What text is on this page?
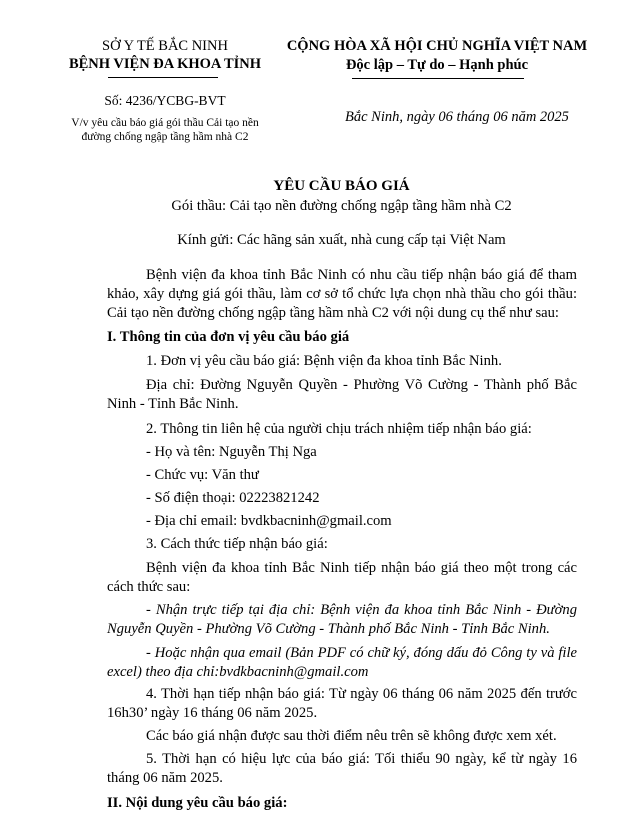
SỞ Y TẾ BẮC NINH
BỆNH VIỆN ĐA KHOA TỈNH
Số: 4236/YCBG-BVT
V/v yêu cầu báo giá gói thầu Cải tạo nền
đường chống ngập tầng hầm nhà C2
CỘNG HÒA XÃ HỘI CHỦ NGHĨA VIỆT NAM
Độc lập – Tự do – Hạnh phúc
Bắc Ninh, ngày 06 tháng 06 năm 2025
YÊU CẦU BÁO GIÁ
Gói thầu: Cải tạo nền đường chống ngập tầng hầm nhà C2
Kính gửi: Các hãng sản xuất, nhà cung cấp tại Việt Nam
Bệnh viện đa khoa tỉnh Bắc Ninh có nhu cầu tiếp nhận báo giá để tham khảo, xây dựng giá gói thầu, làm cơ sở tổ chức lựa chọn nhà thầu cho gói thầu: Cải tạo nền đường chống ngập tầng hầm nhà C2 với nội dung cụ thể như sau:
I. Thông tin của đơn vị yêu cầu báo giá
1. Đơn vị yêu cầu báo giá: Bệnh viện đa khoa tỉnh Bắc Ninh.
Địa chỉ: Đường Nguyễn Quyền - Phường Võ Cường - Thành phố Bắc Ninh - Tỉnh Bắc Ninh.
2. Thông tin liên hệ của người chịu trách nhiệm tiếp nhận báo giá:
- Họ và tên: Nguyễn Thị Nga
- Chức vụ: Văn thư
- Số điện thoại: 02223821242
- Địa chỉ email: bvdkbacninh@gmail.com
3. Cách thức tiếp nhận báo giá:
Bệnh viện đa khoa tỉnh Bắc Ninh tiếp nhận báo giá theo một trong các cách thức sau:
- Nhận trực tiếp tại địa chỉ: Bệnh viện đa khoa tỉnh Bắc Ninh - Đường Nguyễn Quyền - Phường Võ Cường - Thành phố Bắc Ninh - Tỉnh Bắc Ninh.
- Hoặc nhận qua email (Bản PDF có chữ ký, đóng dấu đỏ Công ty và file excel) theo địa chỉ:bvdkbacninh@gmail.com
4. Thời hạn tiếp nhận báo giá: Từ ngày 06 tháng 06 năm 2025 đến trước 16h30’ ngày 16 tháng 06 năm 2025.
Các báo giá nhận được sau thời điểm nêu trên sẽ không được xem xét.
5. Thời hạn có hiệu lực của báo giá: Tối thiểu 90 ngày, kể từ ngày 16 tháng 06 năm 2025.
II. Nội dung yêu cầu báo giá:
